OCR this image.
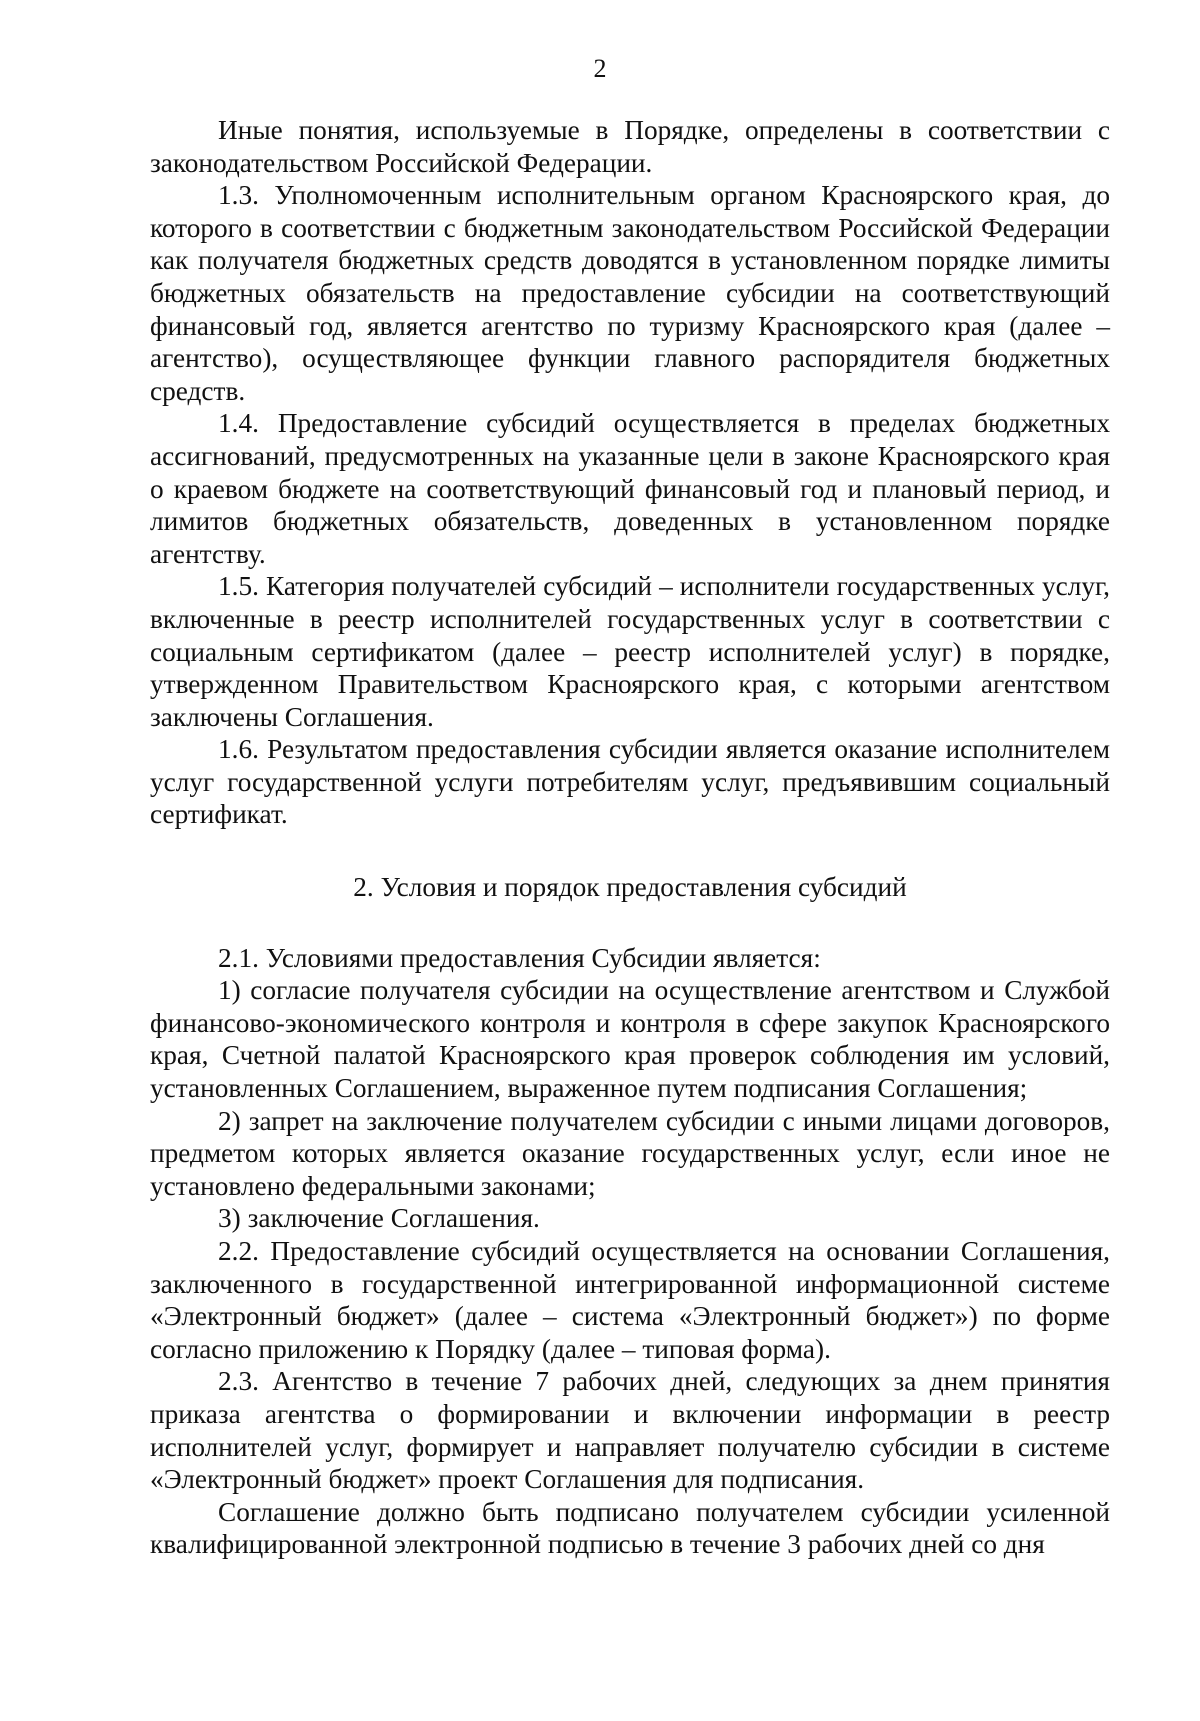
2

Иные понятия, используемые в Порядке, определены в соответствии с законодательством Российской Федерации.

1.3. Уполномоченным исполнительным органом Красноярского края, до которого в соответствии с бюджетным законодательством Российской Федерации как получателя бюджетных средств доводятся в установленном порядке лимиты бюджетных обязательств на предоставление субсидии на соответствующий финансовый год, является агентство по туризму Красноярского края (далее – агентство), осуществляющее функции главного распорядителя бюджетных средств.

1.4. Предоставление субсидий осуществляется в пределах бюджетных ассигнований, предусмотренных на указанные цели в законе Красноярского края о краевом бюджете на соответствующий финансовый год и плановый период, и лимитов бюджетных обязательств, доведенных в установленном порядке агентству.

1.5. Категория получателей субсидий – исполнители государственных услуг, включенные в реестр исполнителей государственных услуг в соответствии с социальным сертификатом (далее – реестр исполнителей услуг) в порядке, утвержденном Правительством Красноярского края, с которыми агентством заключены Соглашения.

1.6. Результатом предоставления субсидии является оказание исполнителем услуг государственной услуги потребителям услуг, предъявившим социальный сертификат.

2. Условия и порядок предоставления субсидий

2.1. Условиями предоставления Субсидии является:

1) согласие получателя субсидии на осуществление агентством и Службой финансово-экономического контроля и контроля в сфере закупок Красноярского края, Счетной палатой Красноярского края проверок соблюдения им условий, установленных Соглашением, выраженное путем подписания Соглашения;

2) запрет на заключение получателем субсидии с иными лицами договоров, предметом которых является оказание государственных услуг, если иное не установлено федеральными законами;

3) заключение Соглашения.

2.2. Предоставление субсидий осуществляется на основании Соглашения, заключенного в государственной интегрированной информационной системе «Электронный бюджет» (далее – система «Электронный бюджет») по форме согласно приложению к Порядку (далее – типовая форма).

2.3. Агентство в течение 7 рабочих дней, следующих за днем принятия приказа агентства о формировании и включении информации в реестр исполнителей услуг, формирует и направляет получателю субсидии в системе «Электронный бюджет» проект Соглашения для подписания.

Соглашение должно быть подписано получателем субсидии усиленной квалифицированной электронной подписью в течение 3 рабочих дней со дня
